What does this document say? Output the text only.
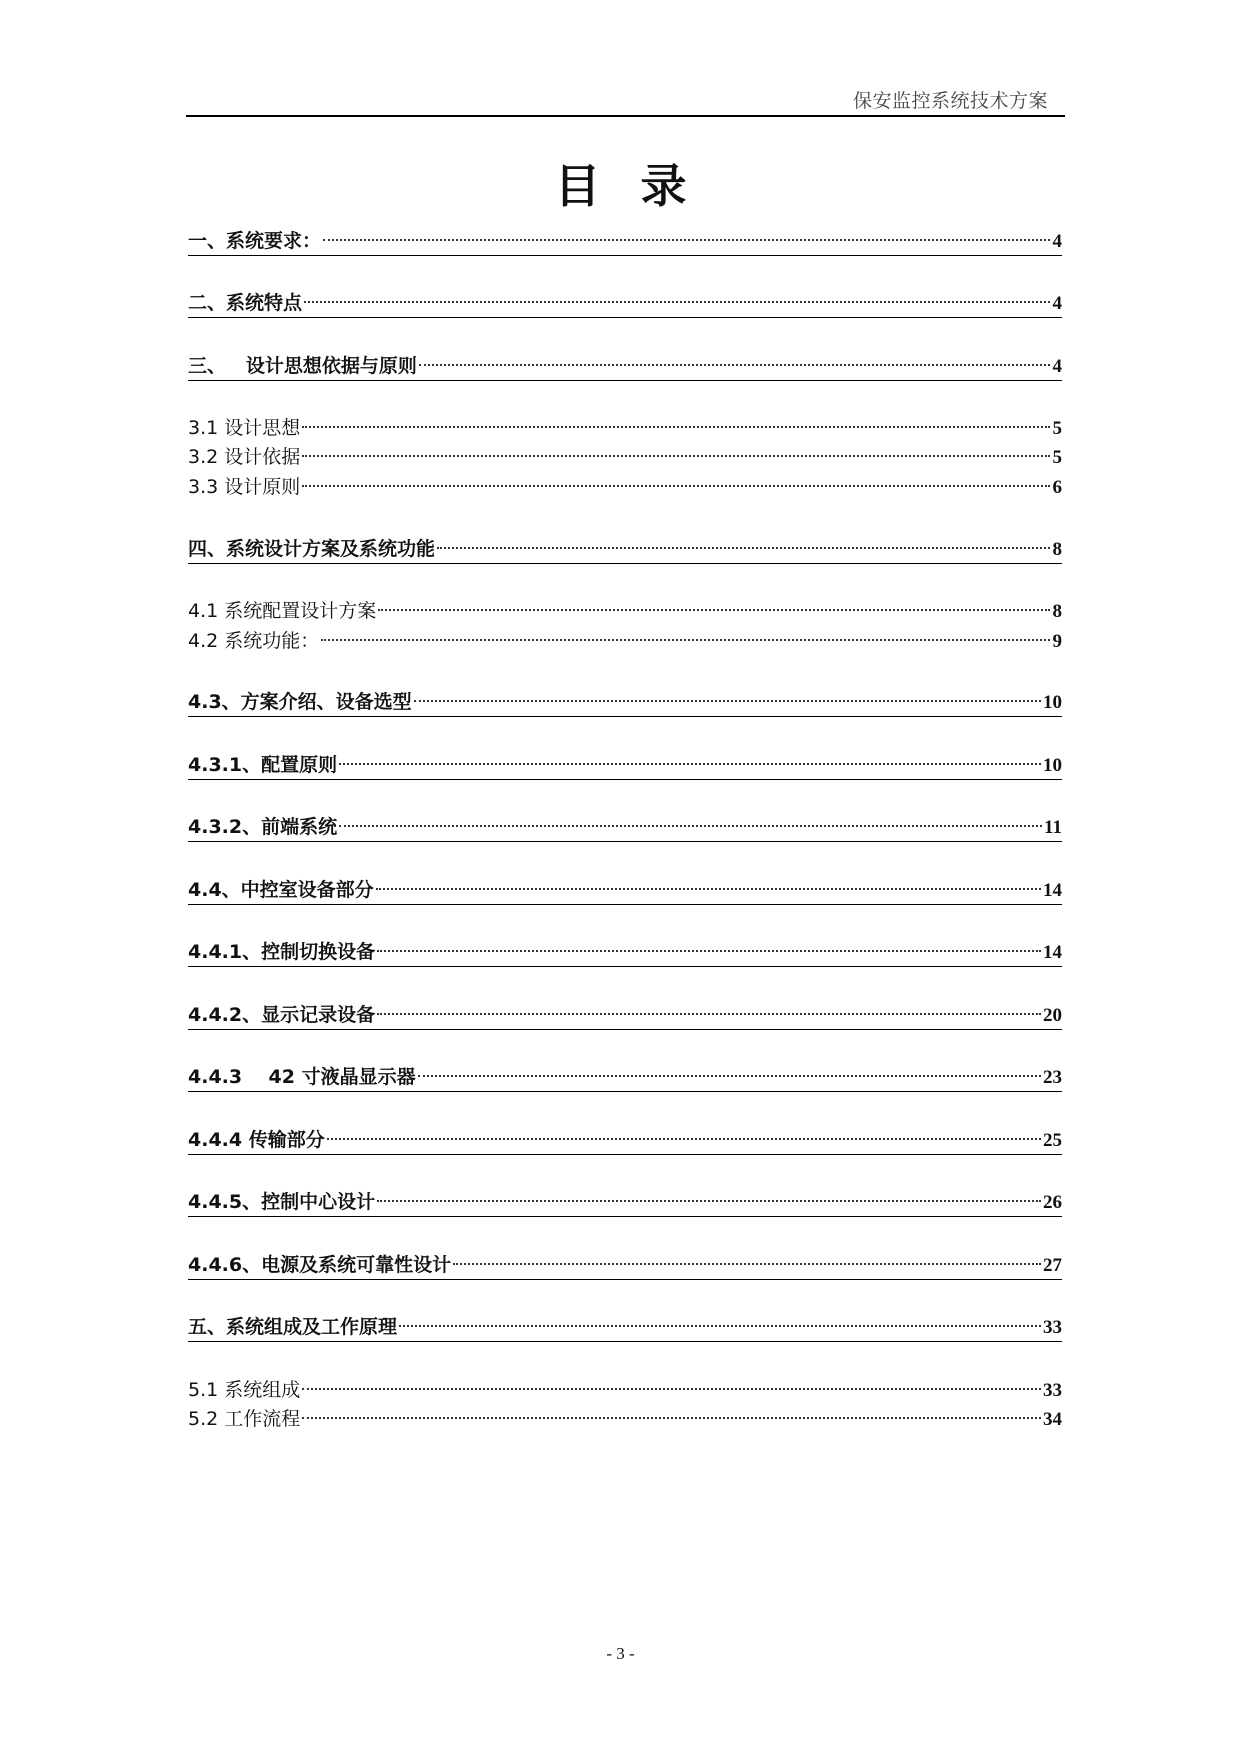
保安监控系统技术方案
目录
一、系统要求：	4
二、系统特点	4
三、   设计思想依据与原则	4
3.1 设计思想	5
3.2 设计依据	5
3.3 设计原则	6
四、系统设计方案及系统功能	8
4.1 系统配置设计方案	8
4.2 系统功能：	9
4.3、方案介绍、设备选型	10
4.3.1、配置原则	10
4.3.2、前端系统	11
4.4、中控室设备部分	14
4.4.1、控制切换设备	14
4.4.2、显示记录设备	20
4.4.3    42 寸液晶显示器	23
4.4.4 传输部分	25
4.4.5、控制中心设计	26
4.4.6、电源及系统可靠性设计	27
五、系统组成及工作原理	33
5.1 系统组成	33
5.2 工作流程	34
- 3 -
